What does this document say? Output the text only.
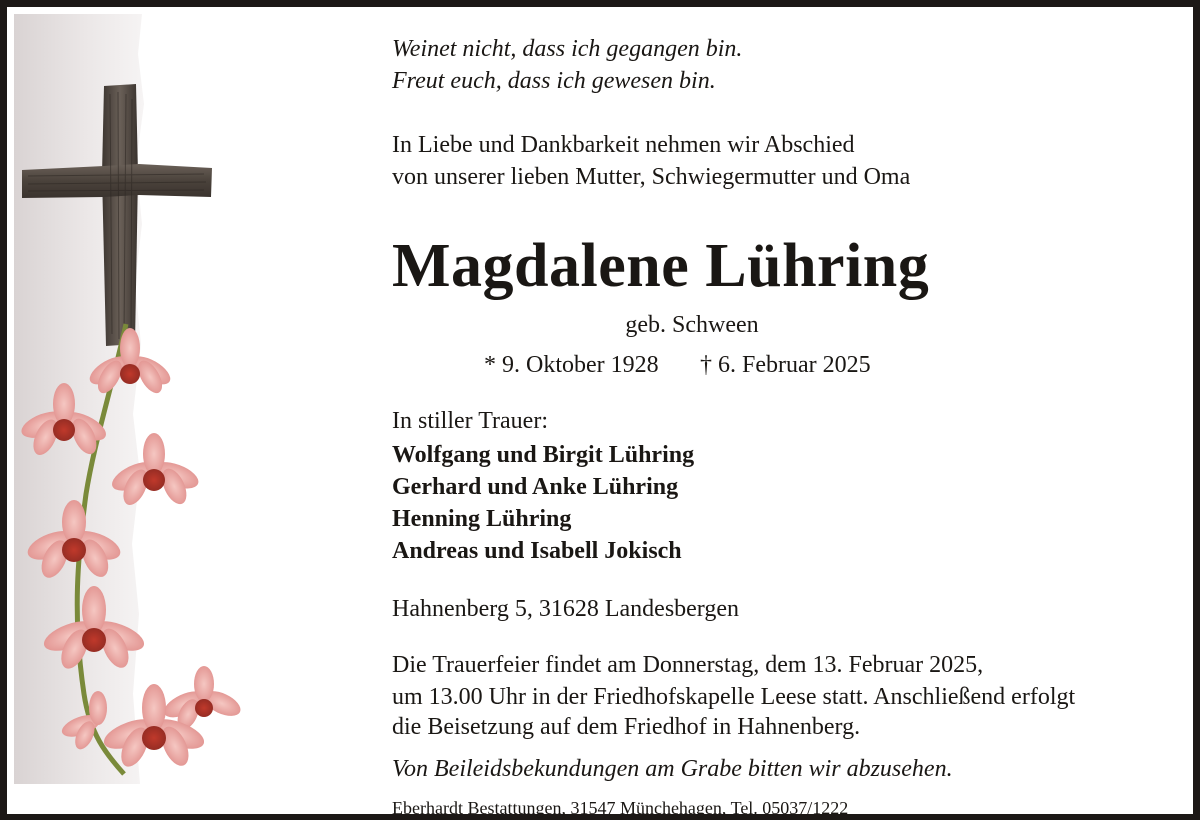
Weinet nicht, dass ich gegangen bin.
Freut euch, dass ich gewesen bin.
In Liebe und Dankbarkeit nehmen wir Abschied
von unserer lieben Mutter, Schwiegermutter und Oma
Magdalene Lühring
geb. Schween
* 9. Oktober 1928 † 6. Februar 2025
In stiller Trauer:
Wolfgang und Birgit Lühring
Gerhard und Anke Lühring
Henning Lühring
Andreas und Isabell Jokisch
Hahnenberg 5, 31628 Landesbergen
Die Trauerfeier findet am Donnerstag, dem 13. Februar 2025,
um 13.00 Uhr in der Friedhofskapelle Leese statt. Anschließend erfolgt
die Beisetzung auf dem Friedhof in Hahnenberg.
Von Beileidsbekundungen am Grabe bitten wir abzusehen.
Eberhardt Bestattungen, 31547 Münchehagen, Tel. 05037/1222
